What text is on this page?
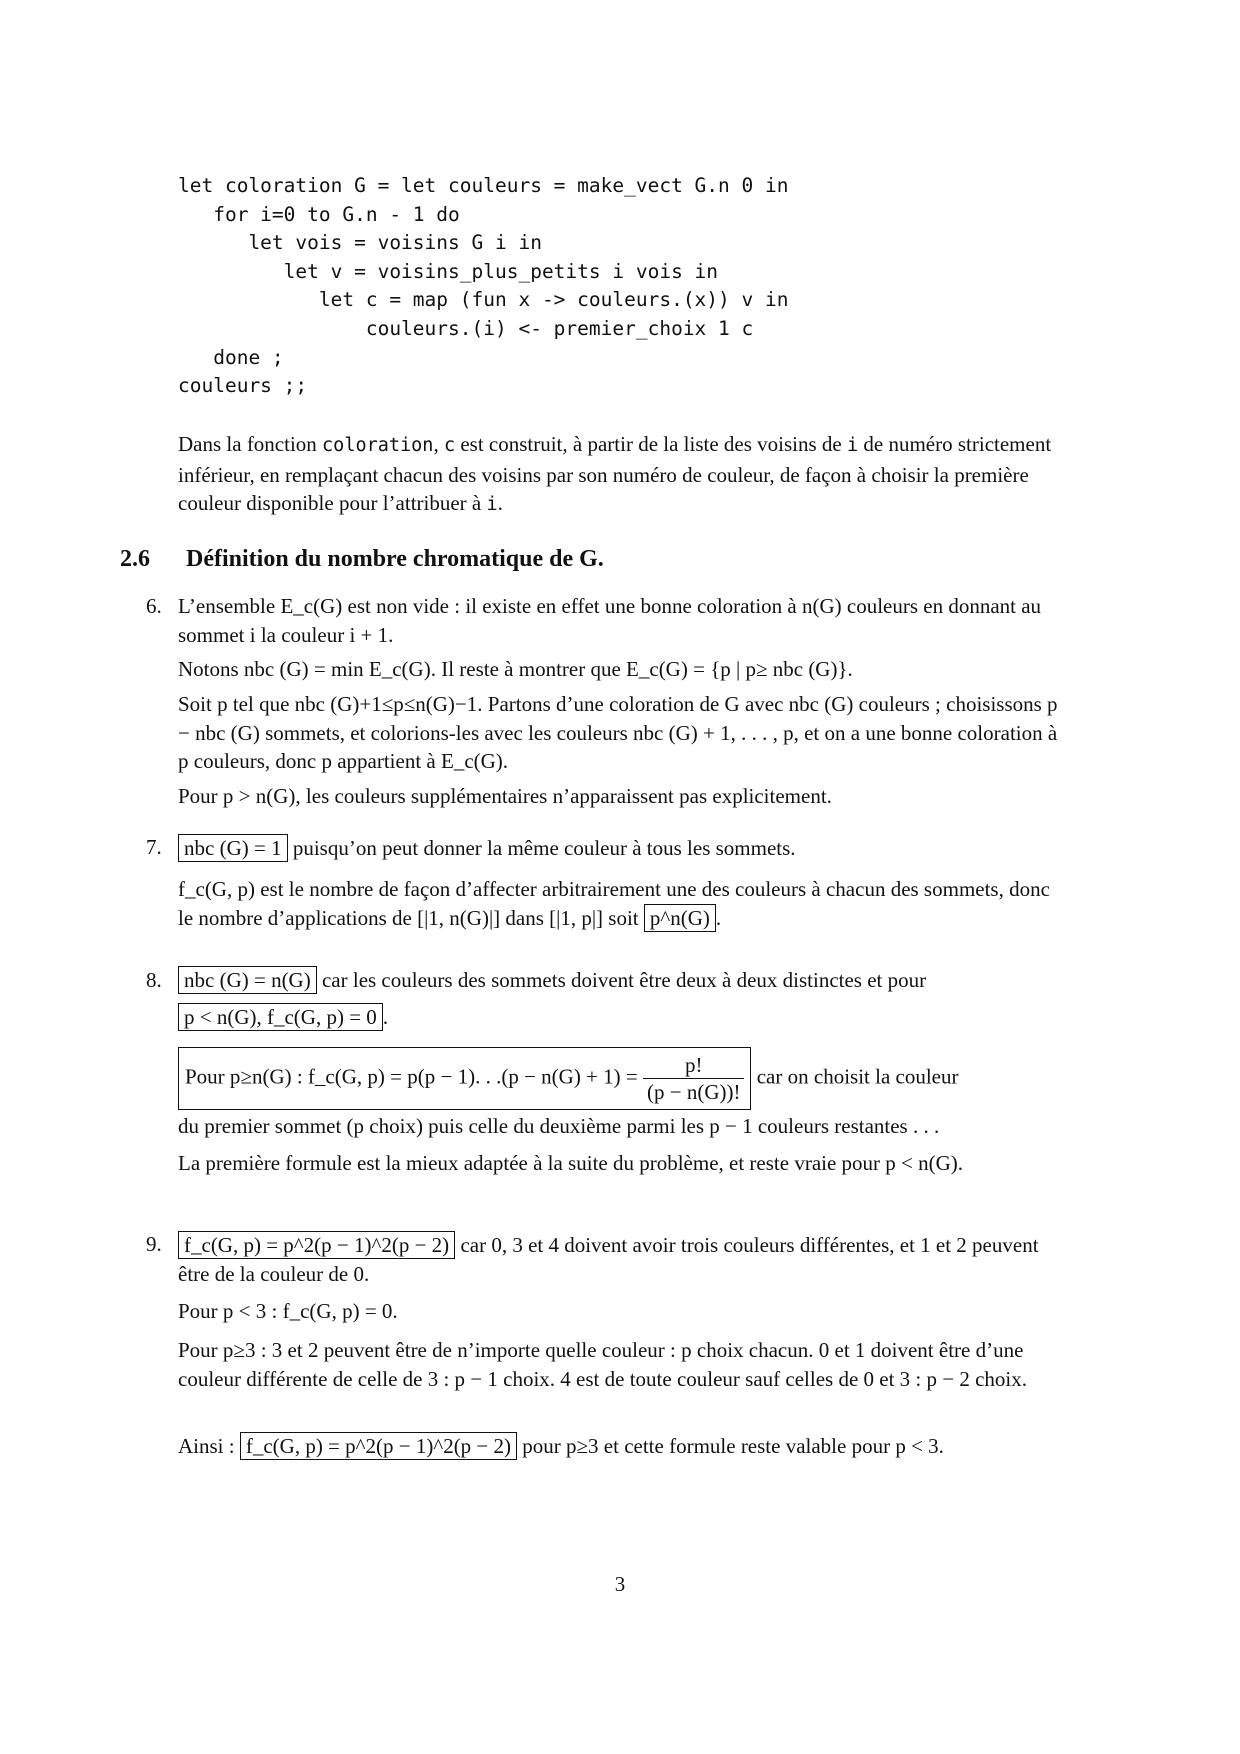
let coloration G = let couleurs = make_vect G.n 0 in
for i=0 to G.n - 1 do
let vois = voisins G i in
let v = voisins_plus_petits i vois in
let c = map (fun x -> couleurs.(x)) v in
couleurs.(i) <- premier_choix 1 c
done ;
couleurs ;;

Dans la fonction coloration, c est construit, à partir de la liste des voisins de i de numéro strictement inférieur, en remplaçant chacun des voisins par son numéro de couleur, de façon à choisir la première couleur disponible pour l’attribuer à i.

2.6 Définition du nombre chromatique de G.
6. L’ensemble E_c(G) est non vide : il existe en effet une bonne coloration à n(G) couleurs en donnant au sommet i la couleur i + 1.

Notons nbc (G) = min E_c(G). Il reste à montrer que E_c(G) = {p | p≥ nbc (G)}.

Soit p tel que nbc (G)+1≤p≤n(G)−1. Partons d’une coloration de G avec nbc (G) couleurs ; choisissons p − nbc (G) sommets, et colorions-les avec les couleurs nbc (G) + 1, . . . , p, et on a une bonne coloration à p couleurs, donc p appartient à E_c(G).

Pour p > n(G), les couleurs supplémentaires n’apparaissent pas explicitement.

7. nbc (G) = 1 puisqu’on peut donner la même couleur à tous les sommets.

f_c(G, p) est le nombre de façon d’affecter arbitrairement une des couleurs à chacun des sommets, donc le nombre d’applications de [|1, n(G)|] dans [|1, p|] soit p^n(G) .

8. nbc (G) = n(G) car les couleurs des sommets doivent être deux à deux distinctes et pour

p < n(G), f_c(G, p) = 0 .

Pour p≥n(G) : f_c(G, p) = p(p − 1). . $.(p - n(G) + 1) = \frac{p!}{(p - n(G))!}$ car on choisit la couleur

du premier sommet (p choix) puis celle du deuxième parmi les p − 1 couleurs restantes . . .

La première formule est la mieux adaptée à la suite du problème, et reste vraie pour p < n(G).

9. f_c(G, p) = p^2(p − 1)^2(p − 2) car 0, 3 et 4 doivent avoir trois couleurs différentes, et 1 et 2 peuvent être de la couleur de 0.

Pour p < 3 : f_c(G, p) = 0.

Pour p≥3 : 3 et 2 peuvent être de n’importe quelle couleur : p choix chacun. 0 et 1 doivent être d’une couleur différente de celle de 3 : p − 1 choix. 4 est de toute couleur sauf celles de 0 et 3 : p − 2 choix.

Ainsi : f_c(G, p) = p^2(p − 1)^2(p − 2) pour p≥3 et cette formule reste valable pour p < 3.

3
